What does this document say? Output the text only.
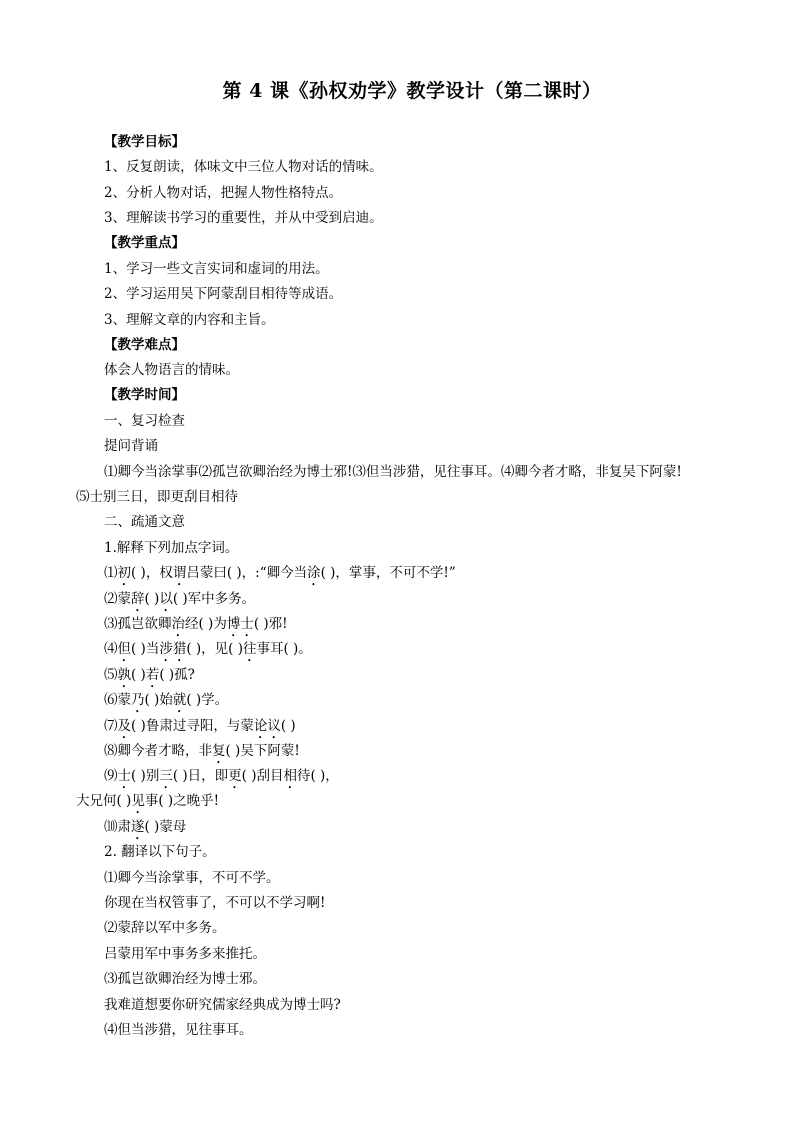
第 4 课《孙权劝学》教学设计（第二课时）
【教学目标】
1、反复朗读，体味文中三位人物对话的情味。
2、分析人物对话，把握人物性格特点。
3、理解读书学习的重要性，并从中受到启迪。
【教学重点】
1、学习一些文言实词和虚词的用法。
2、学习运用吴下阿蒙刮目相待等成语。
3、理解文章的内容和主旨。
【教学难点】
体会人物语言的情味。
【教学时间】
一、复习检查
提问背诵
⑴卿今当涂掌事⑵孤岂欲卿治经为博士邪!⑶但当涉猎，见往事耳。⑷卿今者才略，非复吴下阿蒙!
⑸士别三日，即更刮目相待
二、疏通文意
1.解释下列加点字词。
⑴初( )，权谓吕蒙曰( )，:“卿今当涂( )，掌事，不可不学!”
⑵蒙辞( )以( )军中多务。
⑶孤岂欲卿治经( )为博士( )邪!
⑷但( )当涉猎( )，见( )往事耳( )。
⑸孰( )若( )孤?
⑹蒙乃( )始就( )学。
⑺及( )鲁肃过寻阳，与蒙论议( )
⑻卿今者才略，非复( )吴下阿蒙!
⑼士( )别三( )日，即更( )刮目相待( )，
大兄何( )见事( )之晚乎!
⑽肃遂( )蒙母
2. 翻译以下句子。
⑴卿今当涂掌事，不可不学。
你现在当权管事了，不可以不学习啊!
⑵蒙辞以军中多务。
吕蒙用军中事务多来推托。
⑶孤岂欲卿治经为博士邪。
我难道想要你研究儒家经典成为博士吗?
⑷但当涉猎，见往事耳。
